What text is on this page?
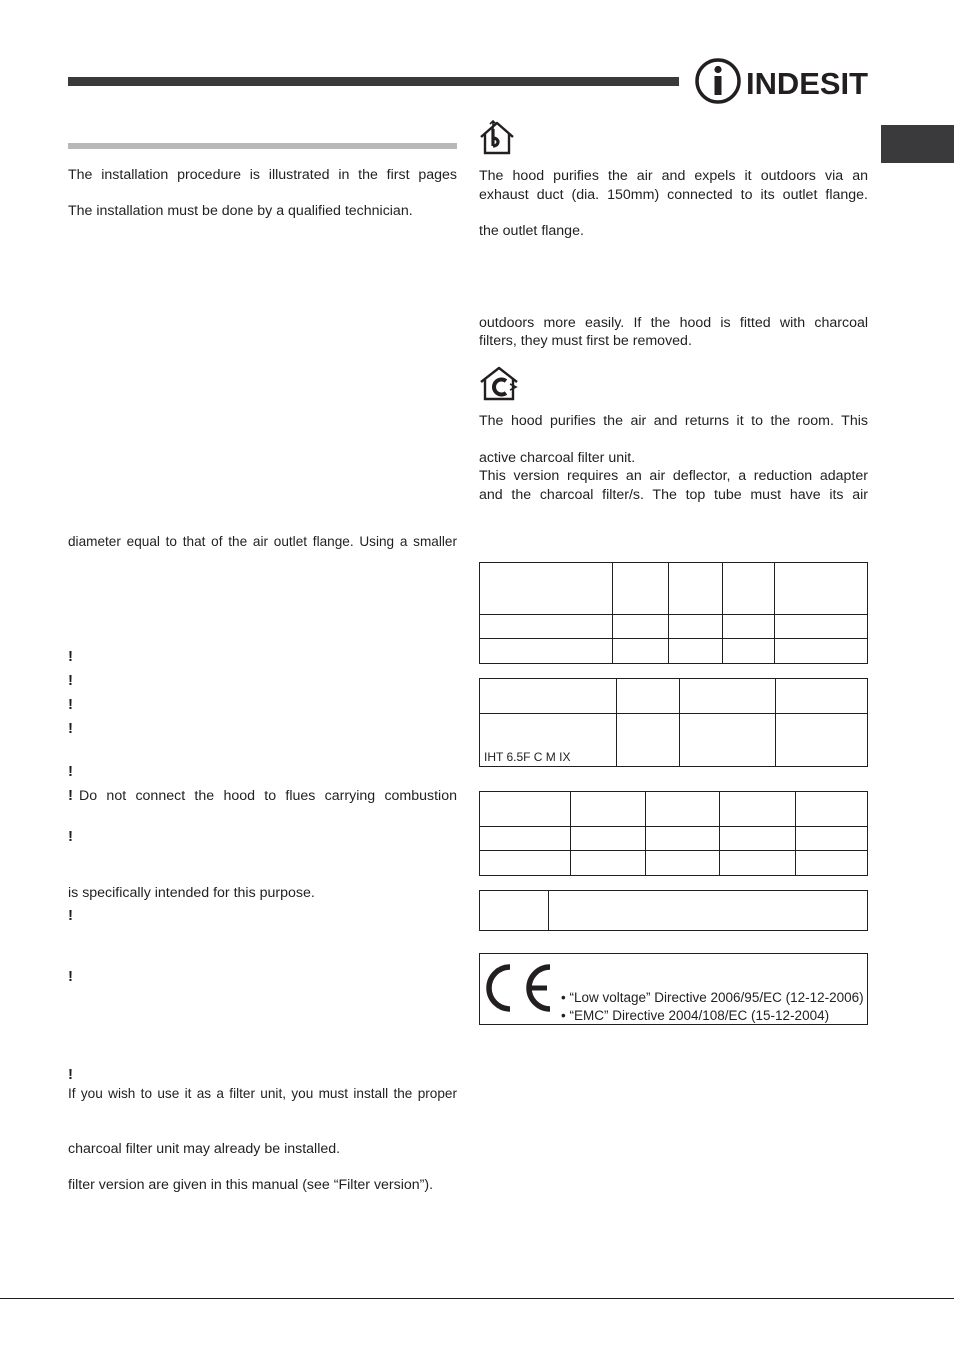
INDESIT
The installation procedure is illustrated in the first pages
The installation must be done by a qualified technician.
diameter equal to that of the air outlet flange. Using a smaller
!
!
!
!
!
! Do not connect the hood to flues carrying combustion
!
is specifically intended for this purpose.
!
!
!
If you wish to use it as a filter unit, you must install the proper
charcoal filter unit may already be installed.
filter version are given in this manual (see “Filter version”).
The hood purifies the air and expels it outdoors via an
exhaust duct (dia. 150mm) connected to its outlet flange.
the outlet flange.
outdoors more easily. If the hood is fitted with charcoal
filters, they must first be removed.
The hood purifies the air and returns it to the room. This
active charcoal filter unit.
This version requires an air deflector, a reduction adapter
and the charcoal filter/s. The top tube must have its air

IHT 6.5F C M IX			

• “Low voltage” Directive 2006/95/EC (12-12-2006)
• “EMC” Directive 2004/108/EC (15-12-2004)
